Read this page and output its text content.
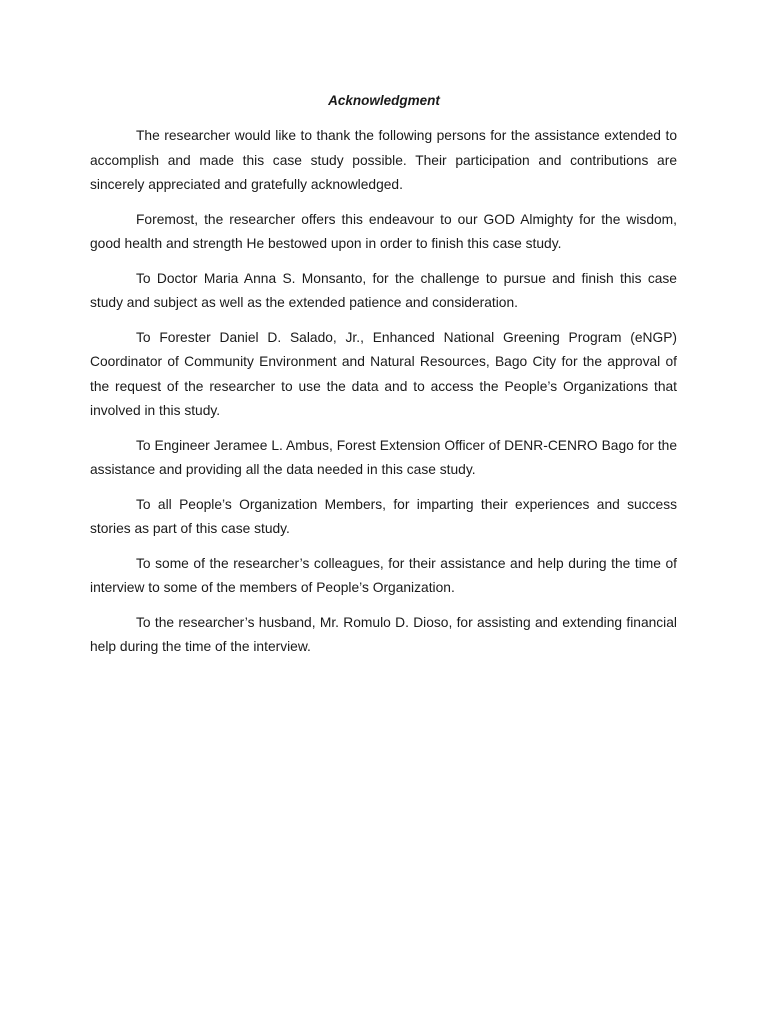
Acknowledgment

The researcher would like to thank the following persons for the assistance extended to accomplish and made this case study possible. Their participation and contributions are sincerely appreciated and gratefully acknowledged.

Foremost, the researcher offers this endeavour to our GOD Almighty for the wisdom, good health and strength He bestowed upon in order to finish this case study.

To Doctor Maria Anna S. Monsanto, for the challenge to pursue and finish this case study and subject as well as the extended patience and consideration.

To Forester Daniel D. Salado, Jr., Enhanced National Greening Program (eNGP) Coordinator of Community Environment and Natural Resources, Bago City for the approval of the request of the researcher to use the data and to access the People’s Organizations that involved in this study.

To Engineer Jeramee L. Ambus, Forest Extension Officer of DENR-CENRO Bago for the assistance and providing all the data needed in this case study.

To all People’s Organization Members, for imparting their experiences and success stories as part of this case study.

To some of the researcher’s colleagues, for their assistance and help during the time of interview to some of the members of People’s Organization.

To the researcher’s husband, Mr. Romulo D. Dioso, for assisting and extending financial help during the time of the interview.
